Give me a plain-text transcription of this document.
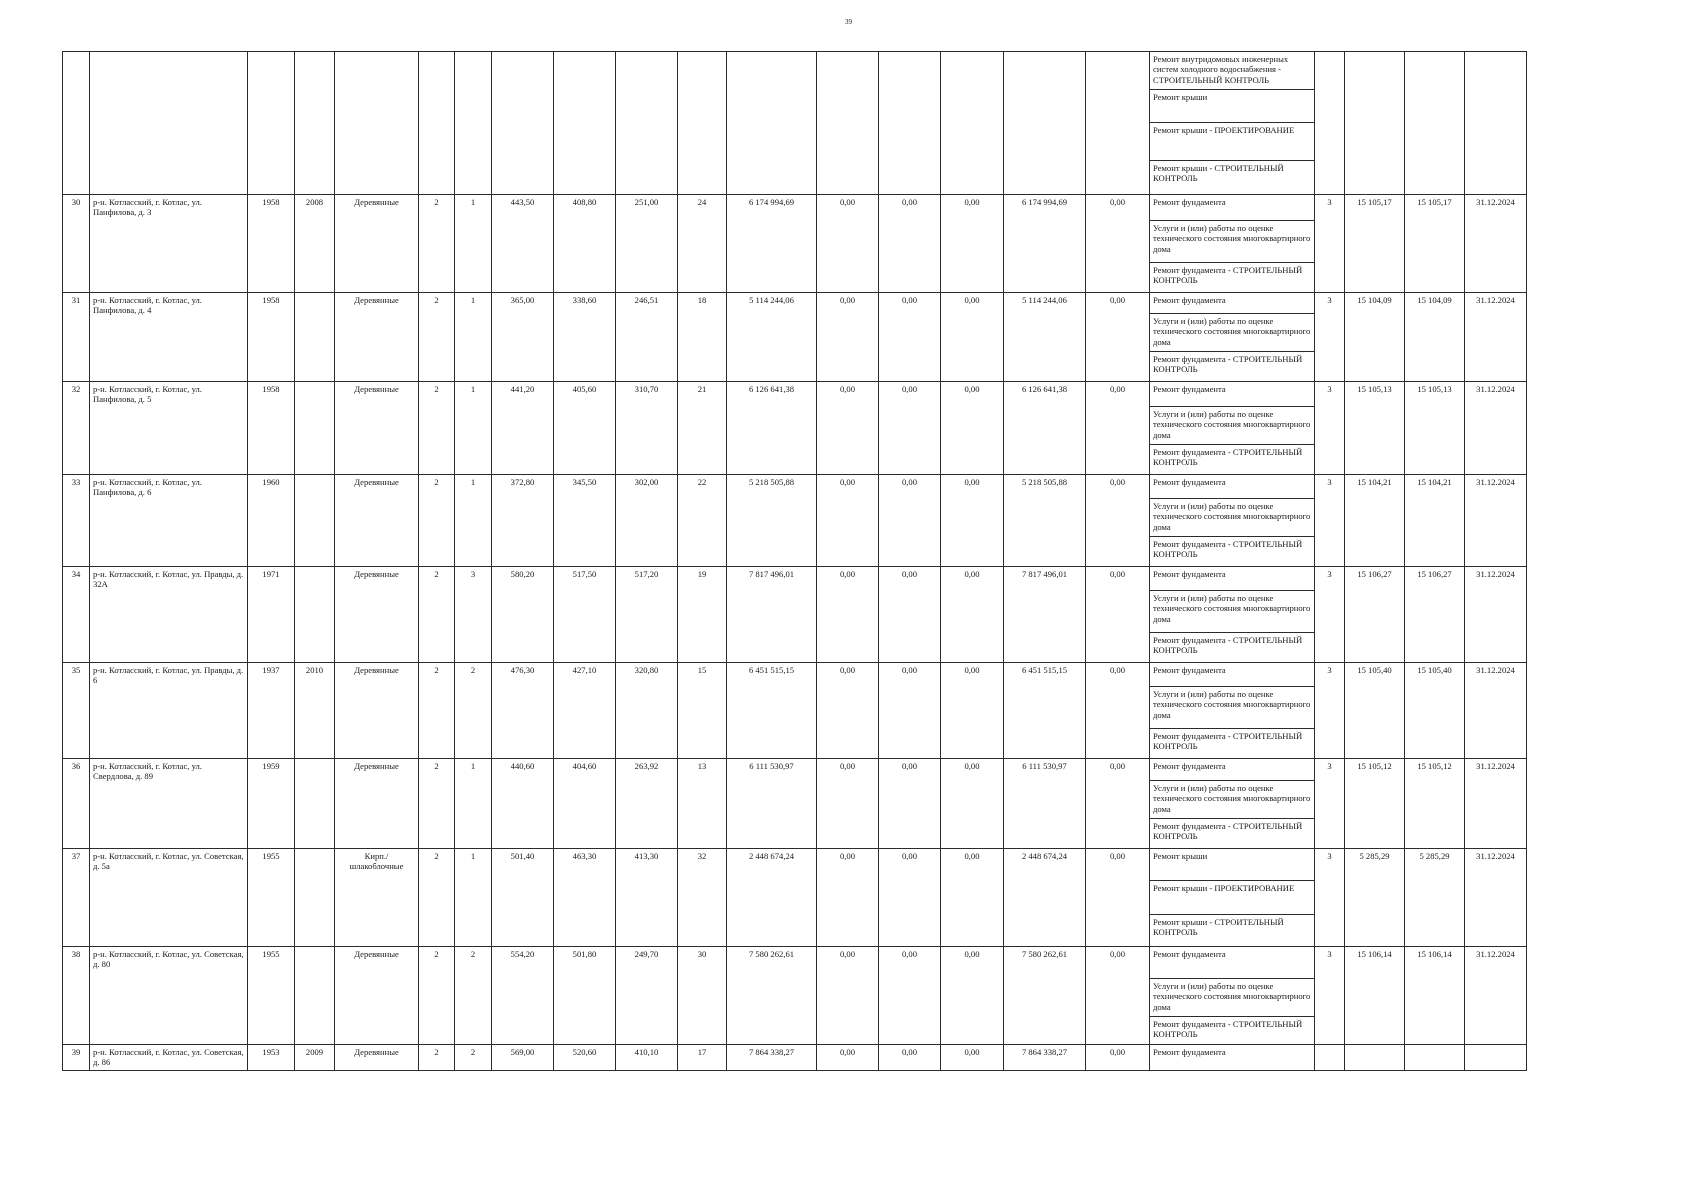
39
																	Ремонт внутридомовых инженерных систем холодного водоснабжения - СТРОИТЕЛЬНЫЙ КОНТРОЛЬ				
																	Ремонт крыши				
																	Ремонт крыши - ПРОЕКТИРОВАНИЕ				
																	Ремонт крыши - СТРОИТЕЛЬНЫЙ КОНТРОЛЬ				
30	р-н. Котласский, г. Котлас, ул. Панфилова, д. 3	1958	2008	Деревянные	2	1	443,50	408,80	251,00	24	6 174 994,69	0,00	0,00	0,00	6 174 994,69	0,00	Ремонт фундамента	3	15 105,17	15 105,17	31.12.2024
																	Услуги и (или) работы по оценке технического состояния многоквартирного дома				
																	Ремонт фундамента - СТРОИТЕЛЬНЫЙ КОНТРОЛЬ				
31	р-н. Котласский, г. Котлас, ул. Панфилова, д. 4	1958		Деревянные	2	1	365,00	338,60	246,51	18	5 114 244,06	0,00	0,00	0,00	5 114 244,06	0,00	Ремонт фундамента	3	15 104,09	15 104,09	31.12.2024
																	Услуги и (или) работы по оценке технического состояния многоквартирного дома				
																	Ремонт фундамента - СТРОИТЕЛЬНЫЙ КОНТРОЛЬ				
32	р-н. Котласский, г. Котлас, ул. Панфилова, д. 5	1958		Деревянные	2	1	441,20	405,60	310,70	21	6 126 641,38	0,00	0,00	0,00	6 126 641,38	0,00	Ремонт фундамента	3	15 105,13	15 105,13	31.12.2024
																	Услуги и (или) работы по оценке технического состояния многоквартирного дома				
																	Ремонт фундамента - СТРОИТЕЛЬНЫЙ КОНТРОЛЬ				
33	р-н. Котласский, г. Котлас, ул. Панфилова, д. 6	1960		Деревянные	2	1	372,80	345,50	302,00	22	5 218 505,88	0,00	0,00	0,00	5 218 505,88	0,00	Ремонт фундамента	3	15 104,21	15 104,21	31.12.2024
																	Услуги и (или) работы по оценке технического состояния многоквартирного дома				
																	Ремонт фундамента - СТРОИТЕЛЬНЫЙ КОНТРОЛЬ				
34	р-н. Котласский, г. Котлас, ул. Правды, д. 32А	1971		Деревянные	2	3	580,20	517,50	517,20	19	7 817 496,01	0,00	0,00	0,00	7 817 496,01	0,00	Ремонт фундамента	3	15 106,27	15 106,27	31.12.2024
																	Услуги и (или) работы по оценке технического состояния многоквартирного дома				
																	Ремонт фундамента - СТРОИТЕЛЬНЫЙ КОНТРОЛЬ				
35	р-н. Котласский, г. Котлас, ул. Правды, д. 6	1937	2010	Деревянные	2	2	476,30	427,10	320,80	15	6 451 515,15	0,00	0,00	0,00	6 451 515,15	0,00	Ремонт фундамента	3	15 105,40	15 105,40	31.12.2024
																	Услуги и (или) работы по оценке технического состояния многоквартирного дома				
																	Ремонт фундамента - СТРОИТЕЛЬНЫЙ КОНТРОЛЬ				
36	р-н. Котласский, г. Котлас, ул. Свердлова, д. 89	1959		Деревянные	2	1	440,60	404,60	263,92	13	6 111 530,97	0,00	0,00	0,00	6 111 530,97	0,00	Ремонт фундамента	3	15 105,12	15 105,12	31.12.2024
																	Услуги и (или) работы по оценке технического состояния многоквартирного дома				
																	Ремонт фундамента - СТРОИТЕЛЬНЫЙ КОНТРОЛЬ				
37	р-н. Котласский, г. Котлас, ул. Советская, д. 5а	1955		Кирп./шлакоблочные	2	1	501,40	463,30	413,30	32	2 448 674,24	0,00	0,00	0,00	2 448 674,24	0,00	Ремонт крыши	3	5 285,29	5 285,29	31.12.2024
																	Ремонт крыши - ПРОЕКТИРОВАНИЕ				
																	Ремонт крыши - СТРОИТЕЛЬНЫЙ КОНТРОЛЬ				
38	р-н. Котласский, г. Котлас, ул. Советская, д. 80	1955		Деревянные	2	2	554,20	501,80	249,70	30	7 580 262,61	0,00	0,00	0,00	7 580 262,61	0,00	Ремонт фундамента	3	15 106,14	15 106,14	31.12.2024
																	Услуги и (или) работы по оценке технического состояния многоквартирного дома				
																	Ремонт фундамента - СТРОИТЕЛЬНЫЙ КОНТРОЛЬ				
39	р-н. Котласский, г. Котлас, ул. Советская, д. 86	1953	2009	Деревянные	2	2	569,00	520,60	410,10	17	7 864 338,27	0,00	0,00	0,00	7 864 338,27	0,00	Ремонт фундамента				
